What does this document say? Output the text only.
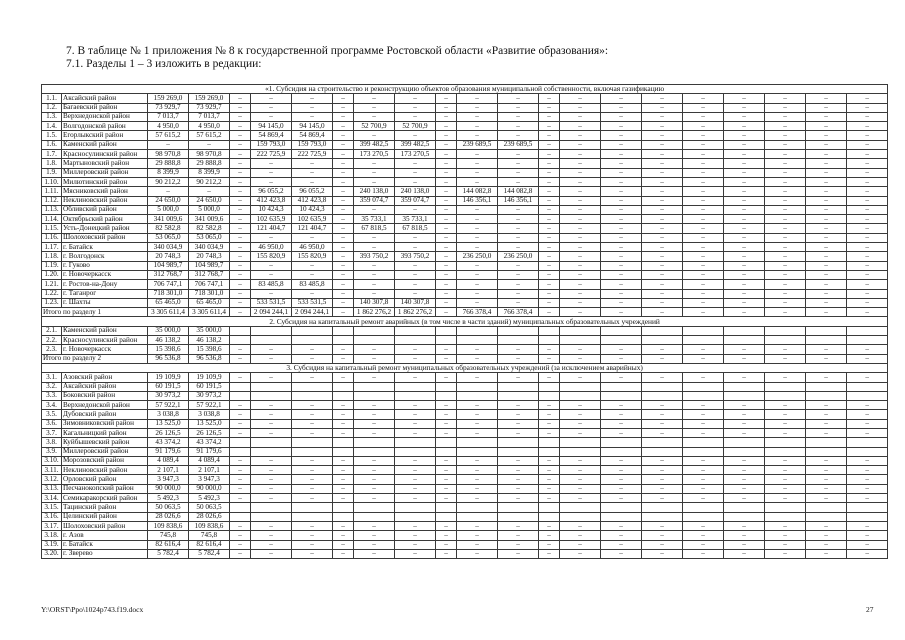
7. В таблице № 1 приложения № 8 к государственной программе Ростовской области «Развитие образования»:
7.1. Разделы 1 – 3 изложить в редакции:
«1. Субсидия на строительство и реконструкцию объектов образования муниципальной собственности, включая газификацию																					
1.1.	Аксайский район	159 269,0	159 269,0	–	–	–	–	–	–	–	–	–	–	–	–	–	–	–	–	–	–
1.2.	Багаевский район	73 929,7	73 929,7	–	–	–	–	–	–	–	–	–	–	–	–	–	–	–	–	–	–
1.3.	Верхнедонской район	7 013,7	7 013,7	–	–	–	–	–	–	–	–	–	–	–	–	–	–	–	–	–	–
1.4.	Волгодонской район	4 950,0	4 950,0	–	94 145,0	94 145,0	–	52 700,9	52 700,9	–	–	–	–	–	–	–	–	–	–	–	–
1.5.	Егорлыкский район	57 615,2	57 615,2	–	54 869,4	54 869,4	–	–	–	–	–	–	–	–	–	–	–	–	–	–	–
1.6.	Каменский район	–	–	–	159 793,0	159 793,0	–	399 482,5	399 482,5	–	239 689,5	239 689,5	–	–	–	–	–	–	–	–	–
1.7.	Красносулинский район	98 970,8	98 970,8	–	222 725,9	222 725,9	–	173 270,5	173 270,5	–	–	–	–	–	–	–	–	–	–	–	–
1.8.	Мартыновский район	29 888,8	29 888,8	–	–	–	–	–	–	–	–	–	–	–	–	–	–	–	–	–	–
1.9.	Миллеровский район	8 399,9	8 399,9	–	–	–	–	–	–	–	–	–	–	–	–	–	–	–	–	–	–
1.10.	Милютинский район	90 212,2	90 212,2	–	–	–	–	–	–	–	–	–	–	–	–	–	–	–	–	–	–
1.11.	Мясниковский район	–	–	–	96 055,2	96 055,2	–	240 138,0	240 138,0	–	144 082,8	144 082,8	–	–	–	–	–	–	–	–	–
1.12.	Неклиновский район	24 650,0	24 650,0	–	412 423,8	412 423,8	–	359 074,7	359 074,7	–	146 356,1	146 356,1	–	–	–	–	–	–	–	–	–
1.13.	Обливский район	5 000,0	5 000,0	–	10 424,3	10 424,3	–	–	–	–	–	–	–	–	–	–	–	–	–	–	–
1.14.	Октябрьский район	341 009,6	341 009,6	–	102 635,9	102 635,9	–	35 733,1	35 733,1	–	–	–	–	–	–	–	–	–	–	–	–
1.15.	Усть-Донецкий район	82 582,8	82 582,8	–	121 404,7	121 404,7	–	67 818,5	67 818,5	–	–	–	–	–	–	–	–	–	–	–	–
1.16.	Шолоховский район	53 065,0	53 065,0	–	–	–	–	–	–	–	–	–	–	–	–	–	–	–	–	–	–
1.17.	г. Батайск	340 034,9	340 034,9	–	46 950,0	46 950,0	–	–	–	–	–	–	–	–	–	–	–	–	–	–	–
1.18.	г. Волгодонск	20 748,3	20 748,3	–	155 820,9	155 820,9	–	393 750,2	393 750,2	–	236 250,0	236 250,0	–	–	–	–	–	–	–	–	–
1.19.	г. Гуково	104 989,7	104 989,7	–	–	–	–	–	–	–	–	–	–	–	–	–	–	–	–	–	–
1.20.	г. Новочеркасск	312 768,7	312 768,7	–	–	–	–	–	–	–	–	–	–	–	–	–	–	–	–	–	–
1.21.	г. Ростов-на-Дону	706 747,1	706 747,1	–	83 485,8	83 485,8	–	–	–	–	–	–	–	–	–	–	–	–	–	–	–
1.22.	г. Таганрог	718 301,0	718 301,0	–	–	–	–	–	–	–	–	–	–	–	–	–	–	–	–	–	–
1.23.	г. Шахты	65 465,0	65 465,0	–	533 531,5	533 531,5	–	140 307,8	140 307,8	–	–	–	–	–	–	–	–	–	–	–	–
Итого по разделу 1		3 305 611,4	3 305 611,4	–	2 094 244,1	2 094 244,1	–	1 862 276,2	1 862 276,2	–	766 378,4	766 378,4	–	–	–	–	–	–	–	–	–
2. Субсидия на капитальный ремонт аварийных (в том числе в части зданий) муниципальных образовательных учреждений																					
2.1.	Каменский район	35 000,0	35 000,0																		
2.2.	Красносулинский район	46 138,2	46 138,2																		
2.3.	г. Новочеркасск	15 398,6	15 398,6	–	–	–	–	–	–	–	–	–	–	–	–	–	–	–	–	–	–
Итого по разделу 2		96 536,8	96 536,8	–	–	–	–	–	–	–	–	–	–	–	–	–	–	–	–	–	–
3. Субсидия на капитальный ремонт муниципальных образовательных учреждений (за исключением аварийных)																					
3.1.	Азовский район	19 109,9	19 109,9	–	–	–	–	–	–	–	–	–	–	–	–	–	–	–	–	–	–
3.2.	Аксайский район	60 191,5	60 191,5																		
3.3.	Боковский район	30 973,2	30 973,2																		
3.4.	Верхнедонской район	57 922,1	57 922,1	–	–	–	–	–	–	–	–	–	–	–	–	–	–	–	–	–	–
3.5.	Дубовский район	3 038,8	3 038,8	–	–	–	–	–	–	–	–	–	–	–	–	–	–	–	–	–	–
3.6.	Зимовниковский район	13 525,0	13 525,0	–	–	–	–	–	–	–	–	–	–	–	–	–	–	–	–	–	–
3.7.	Кагальницкий район	26 126,5	26 126,5	–	–	–	–	–	–	–	–	–	–	–	–	–	–	–	–	–	–
3.8.	Куйбышевский район	43 374,2	43 374,2																		
3.9.	Миллеровский район	91 179,6	91 179,6																		
3.10.	Морозовский район	4 089,4	4 089,4	–	–	–	–	–	–	–	–	–	–	–	–	–	–	–	–	–	–
3.11.	Неклиновский район	2 107,1	2 107,1	–	–	–	–	–	–	–	–	–	–	–	–	–	–	–	–	–	–
3.12.	Орловский район	3 947,3	3 947,3	–	–	–	–	–	–	–	–	–	–	–	–	–	–	–	–	–	–
3.13.	Песчанокопский район	90 000,0	90 000,0	–	–	–	–	–	–	–	–	–	–	–	–	–	–	–	–	–	–
3.14.	Семикаракорский район	5 492,3	5 492,3	–	–	–	–	–	–	–	–	–	–	–	–	–	–	–	–	–	–
3.15.	Тацинский район	50 063,5	50 063,5																		
3.16.	Целинский район	28 026,6	28 026,6																		
3.17.	Шолоховский район	109 838,6	109 838,6	–	–	–	–	–	–	–	–	–	–	–	–	–	–	–	–	–	–
3.18.	г. Азов	745,8	745,8	–	–	–	–	–	–	–	–	–	–	–	–	–	–	–	–	–	–
3.19.	г. Батайск	82 616,4	82 616,4	–	–	–	–	–	–	–	–	–	–	–	–	–	–	–	–	–	–
3.20.	г. Зверево	5 782,4	5 782,4	–	–	–	–	–	–	–	–	–	–	–	–	–	–	–	–	–	–
Y:\ORST\Ppo\1024p743.f19.docx	27
